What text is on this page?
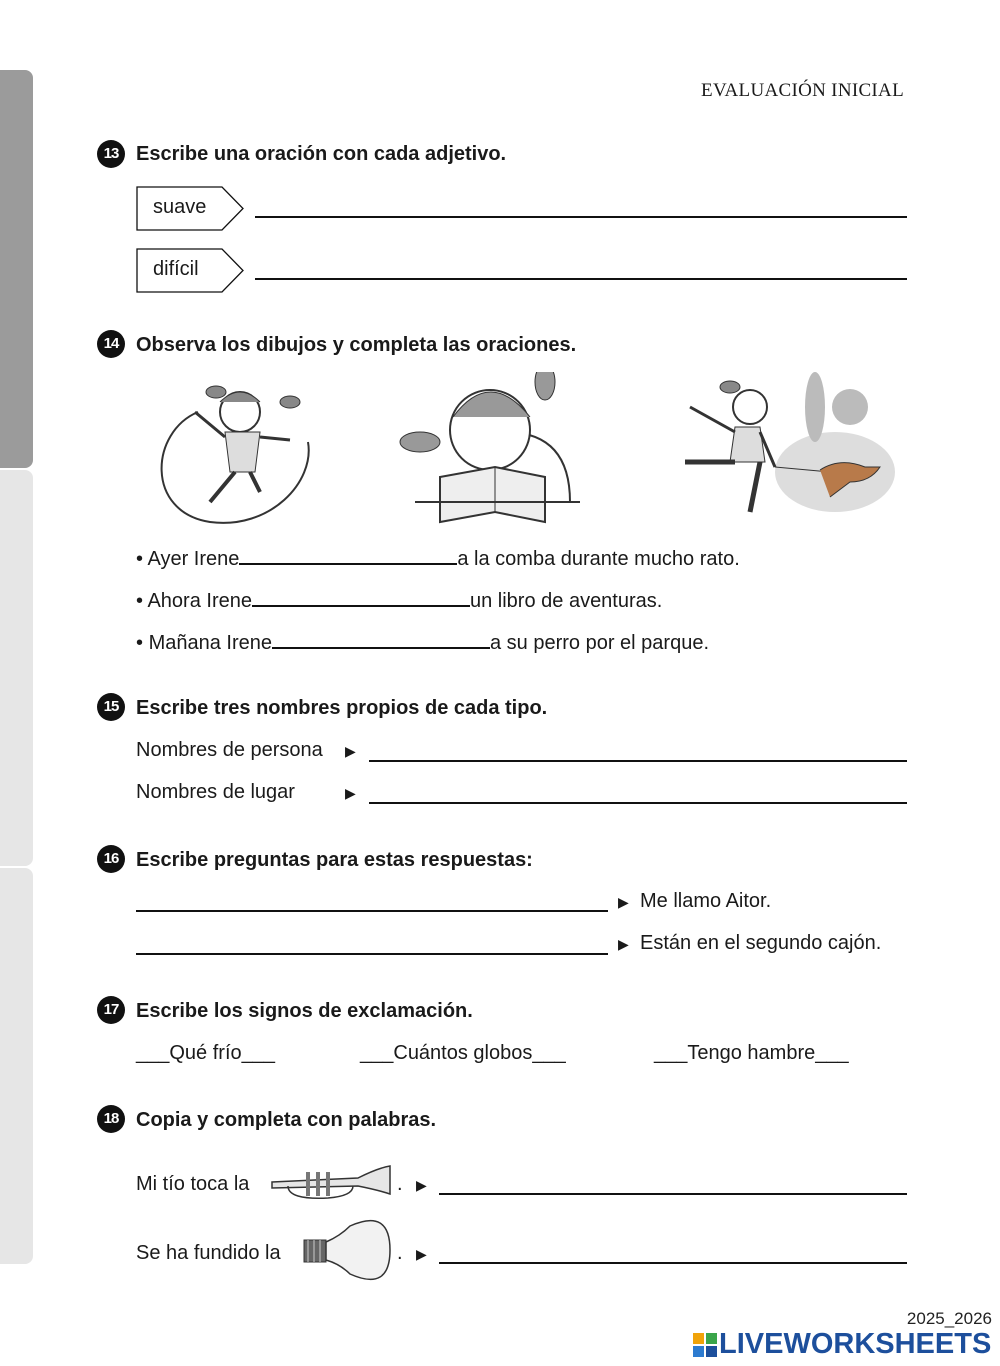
EVALUACIÓN INICIAL
13 Escribe una oración con cada adjetivo.
suave
difícil
14 Observa los dibujos y completa las oraciones.
• Ayer Irene	a la comba durante mucho rato.
• Ahora Irene	un libro de aventuras.
• Mañana Irene	a su perro por el parque.
15 Escribe tres nombres propios de cada tipo.
Nombres de persona ▶
Nombres de lugar	▶
16 Escribe preguntas para estas respuestas:
▶ Me llamo Aitor.
▶ Están en el segundo cajón.
17 Escribe los signos de exclamación.
___Qué frío___	___Cuántos globos___	___Tengo hambre___
18 Copia y completa con palabras.
Mi tío toca la	. ▶
Se ha fundido la	. ▶
2025_2026
LIVEWORKSHEETS
